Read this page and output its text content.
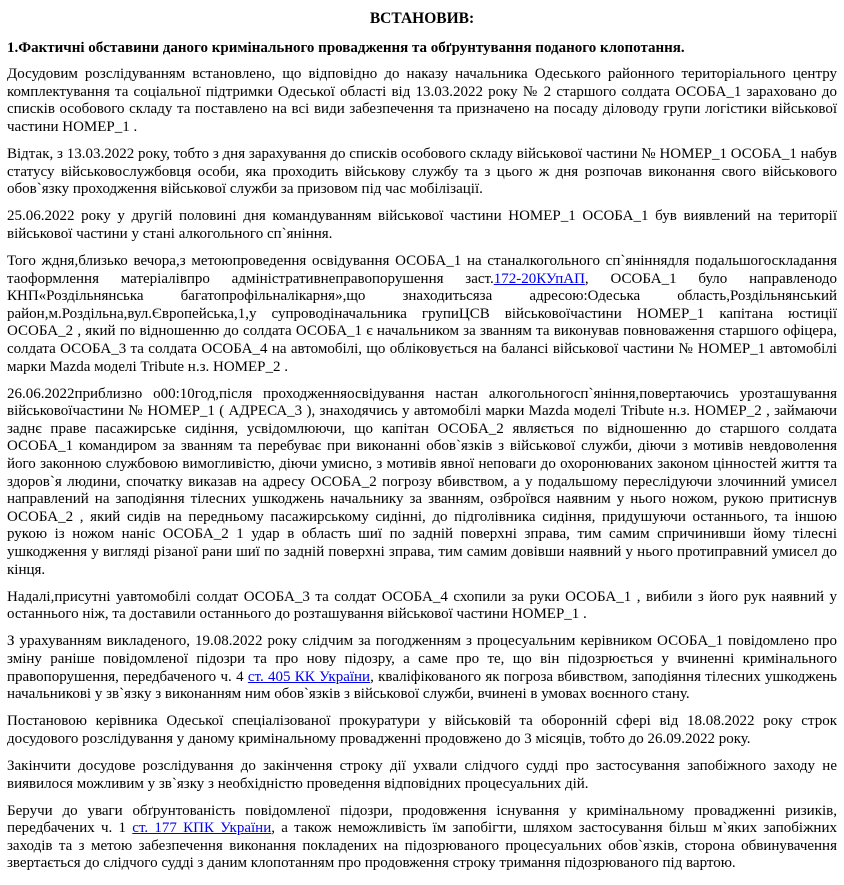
ВСТАНОВИВ:
1.Фактичні обставини даного кримінального провадження та обґрунтування поданого клопотання.

Досудовим розслідуванням встановлено, що відповідно до наказу начальника Одеського районного територіального центру комплектування та соціальної підтримки Одеської області від 13.03.2022 року № 2 старшого солдата ОСОБА_1 зараховано до списків особового складу та поставлено на всі види забезпечення та призначено на посаду діловоду групи логістики військової частини НОМЕР_1 .

Відтак, з 13.03.2022 року, тобто з дня зарахування до списків особового складу військової частини № НОМЕР_1 ОСОБА_1 набув статусу військовослужбовця особи, яка проходить військову службу та з цього ж дня розпочав виконання свого військового обов`язку проходження військової служби за призовом під час мобілізації.

25.06.2022 року у другій половині дня командуванням військової частини НОМЕР_1 ОСОБА_1 був виявлений на території військової частини у стані алкогольного сп`яніння.

Того ждня,близько вечора,з метоюпроведення освідування ОСОБА_1 на станалкогольного сп`яніннядля подальшогоскладання таоформлення матеріалівпро адміністративнеправопорушення заст.172-20КУпАП, ОСОБА_1 було направленодо КНП«Роздільнянська багатопрофільналікарня»,що знаходитьсяза адресою:Одеська область,Роздільнянський район,м.Роздільна,вул.Європейська,1,у супроводіначальника групиЦСВ військовоїчастини НОМЕР_1 капітана юстиції ОСОБА_2 , який по відношенню до солдата ОСОБА_1 є начальником за званням та виконував повноваження старшого офіцера, солдата ОСОБА_3 та солдата ОСОБА_4 на автомобілі, що обліковується на балансі військової частини № НОМЕР_1 автомобілі марки Mazda моделі Tribute н.з. НОМЕР_2 .

26.06.2022приблизно о00:10год,після проходженняосвідування настан алкогольногосп`яніння,повертаючись урозташування військовоїчастини № НОМЕР_1 ( АДРЕСА_3 ), знаходячись у автомобілі марки Mazda моделі Tribute н.з. НОМЕР_2 , займаючи заднє праве пасажирське сидіння, усвідомлюючи, що капітан ОСОБА_2 являється по відношенню до старшого солдата ОСОБА_1 командиром за званням та перебуває при виконанні обов`язків з військової служби, діючи з мотивів невдоволення його законною службовою вимогливістю, діючи умисно, з мотивів явної неповаги до охоронюваних законом цінностей життя та здоров`я людини, спочатку виказав на адресу ОСОБА_2 погрозу вбивством, а у подальшому переслідуючи злочинний умисел направлений на заподіяння тілесних ушкоджень начальнику за званням, озброївся наявним у нього ножом, рукою притиснув ОСОБА_2 , який сидів на передньому пасажирському сидінні, до підголівника сидіння, придушуючи останнього, та іншою рукою із ножом наніс ОСОБА_2 1 удар в область шиї по задній поверхні зправа, тим самим спричинивши йому тілесні ушкодження у вигляді різаної рани шиї по задній поверхні зправа, тим самим довівши наявний у нього протиправний умисел до кінця.

Надалі,присутні уавтомобілі солдат ОСОБА_3 та солдат ОСОБА_4 схопили за руки ОСОБА_1 , вибили з його рук наявний у останнього ніж, та доставили останнього до розташування військової частини НОМЕР_1 .

З урахуванням викладеного, 19.08.2022 року слідчим за погодженням з процесуальним керівником ОСОБА_1 повідомлено про зміну раніше повідомленої підозри та про нову підозру, а саме про те, що він підозрюється у вчиненні кримінального правопорушення, передбаченого ч. 4 ст. 405 КК України, кваліфікованого як погроза вбивством, заподіяння тілесних ушкоджень начальникові у зв`язку з виконанням ним обов`язків з військової служби, вчинені в умовах воєнного стану.

Постановою керівника Одеської спеціалізованої прокуратури у військовій та оборонній сфері від 18.08.2022 року строк досудового розслідування у даному кримінальному провадженні продовжено до 3 місяців, тобто до 26.09.2022 року.

Закінчити досудове розслідування до закінчення строку дії ухвали слідчого судді про застосування запобіжного заходу не виявилося можливим у зв`язку з необхідністю проведення відповідних процесуальних дій.

Беручи до уваги обґрунтованість повідомленої підозри, продовження існування у кримінальному провадженні ризиків, передбачених ч. 1 ст. 177 КПК України, а також неможливість їм запобігти, шляхом застосування більш м`яких запобіжних заходів та з метою забезпечення виконання покладених на підозрюваного процесуальних обов`язків, сторона обвинувачення звертається до слідчого судді з даним клопотанням про продовження строку тримання підозрюваного під вартою.
